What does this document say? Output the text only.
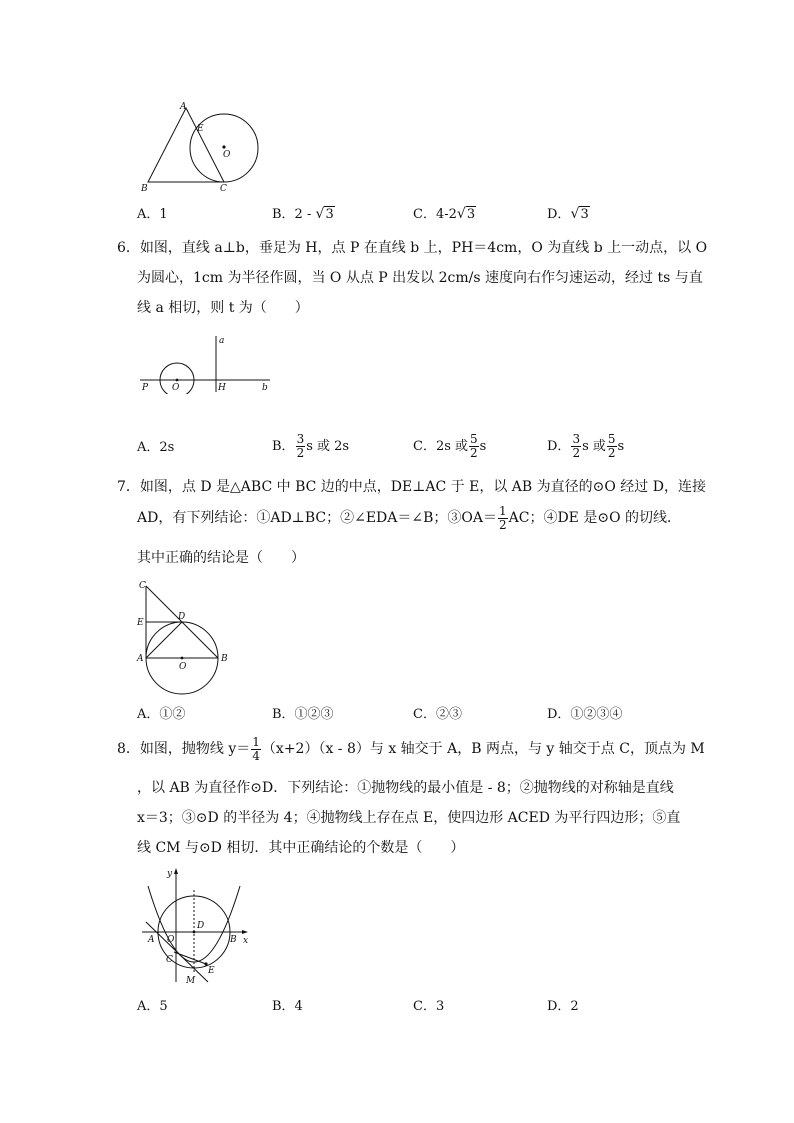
A
E
O
B	C
A．1	B．2 - √ 3	C．4-2 √ 3	D． √ 3
6．如图，直线 a⊥b，垂足为 H，点 P 在直线 b 上，PH＝4cm，O 为直线 b 上一动点，以 O
为圆心，1cm 为半径作圆，当 O 从点 P 出发以 2cm/s 速度向右作匀速运动，经过 ts 与直
线 a 相切，则 t 为（　　）
a
P	O	H	b
A．2s	B． $\frac{3}{2}$ s 或 2s	C．2s 或 $\frac{5}{2}$ s	D． $\frac{3}{2}$ s 或 $\frac{5}{2}$ s
7．如图，点 D 是△ABC 中 BC 边的中点，DE⊥AC 于 E，以 AB 为直径的⊙O 经过 D，连接
AD，有下列结论：①AD⊥BC；②∠EDA＝∠B；③OA＝ $\frac{1}{2}$ AC；④DE 是⊙O 的切线．
其中正确的结论是（　　）
C
D
E
A
O
B
A．①②	B．①②③	C．②③	D．①②③④
8．如图，抛物线 $y= \frac{1}{4} (x+2)(x - 8)$与 x 轴交于 A，B 两点，与 y 轴交于点 C，顶点为 M
，以 AB 为直径作⊙D．下列结论：①抛物线的最小值是 - 8；②抛物线的对称轴是直线
x＝3；③⊙D 的半径为 4；④抛物线上存在点 E，使四边形 ACED 为平行四边形；⑤直
线 CM 与⊙D 相切．其中正确结论的个数是（　　）
y
D
A O	B x
C
E
M
A．5	B．4	C．3	D．2
